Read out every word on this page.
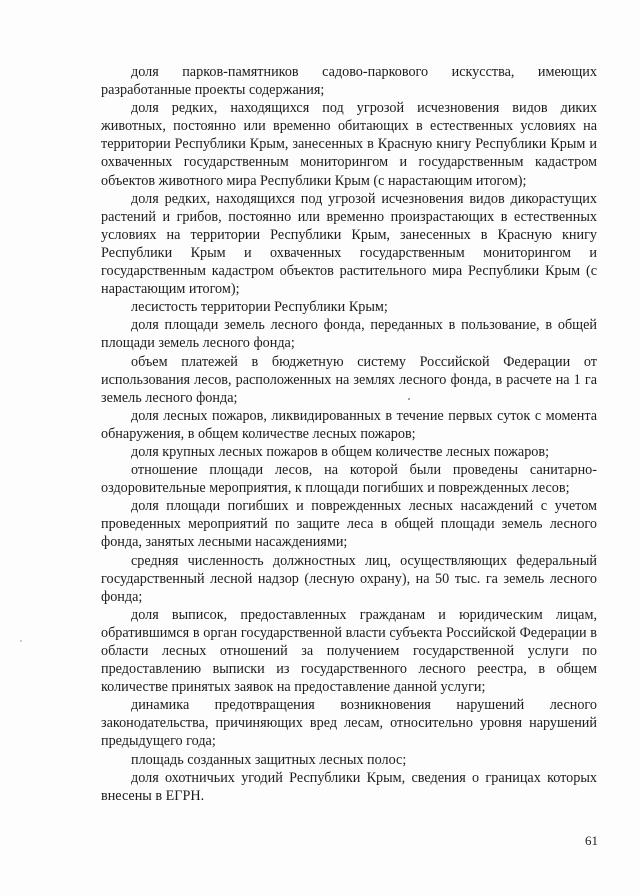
доля парков-памятников садово-паркового искусства, имеющих разработанные проекты содержания;

доля редких, находящихся под угрозой исчезновения видов диких животных, постоянно или временно обитающих в естественных условиях на территории Республики Крым, занесенных в Красную книгу Республики Крым и охваченных государственным мониторингом и государственным кадастром объектов животного мира Республики Крым (с нарастающим итогом);

доля редких, находящихся под угрозой исчезновения видов дикорастущих растений и грибов, постоянно или временно произрастающих в естественных условиях на территории Республики Крым, занесенных в Красную книгу Республики Крым и охваченных государственным мониторингом и государственным кадастром объектов растительного мира Республики Крым (с нарастающим итогом);

лесистость территории Республики Крым;

доля площади земель лесного фонда, переданных в пользование, в общей площади земель лесного фонда;

объем платежей в бюджетную систему Российской Федерации от использования лесов, расположенных на землях лесного фонда, в расчете на 1 га земель лесного фонда;

доля лесных пожаров, ликвидированных в течение первых суток с момента обнаружения, в общем количестве лесных пожаров;

доля крупных лесных пожаров в общем количестве лесных пожаров;

отношение площади лесов, на которой были проведены санитарно-оздоровительные мероприятия, к площади погибших и поврежденных лесов;

доля площади погибших и поврежденных лесных насаждений с учетом проведенных мероприятий по защите леса в общей площади земель лесного фонда, занятых лесными насаждениями;

средняя численность должностных лиц, осуществляющих федеральный государственный лесной надзор (лесную охрану), на 50 тыс. га земель лесного фонда;

доля выписок, предоставленных гражданам и юридическим лицам, обратившимся в орган государственной власти субъекта Российской Федерации в области лесных отношений за получением государственной услуги по предоставлению выписки из государственного лесного реестра, в общем количестве принятых заявок на предоставление данной услуги;

динамика предотвращения возникновения нарушений лесного законодательства, причиняющих вред лесам, относительно уровня нарушений предыдущего года;

площадь созданных защитных лесных полос;

доля охотничьих угодий Республики Крым, сведения о границах которых внесены в ЕГРН.

61
